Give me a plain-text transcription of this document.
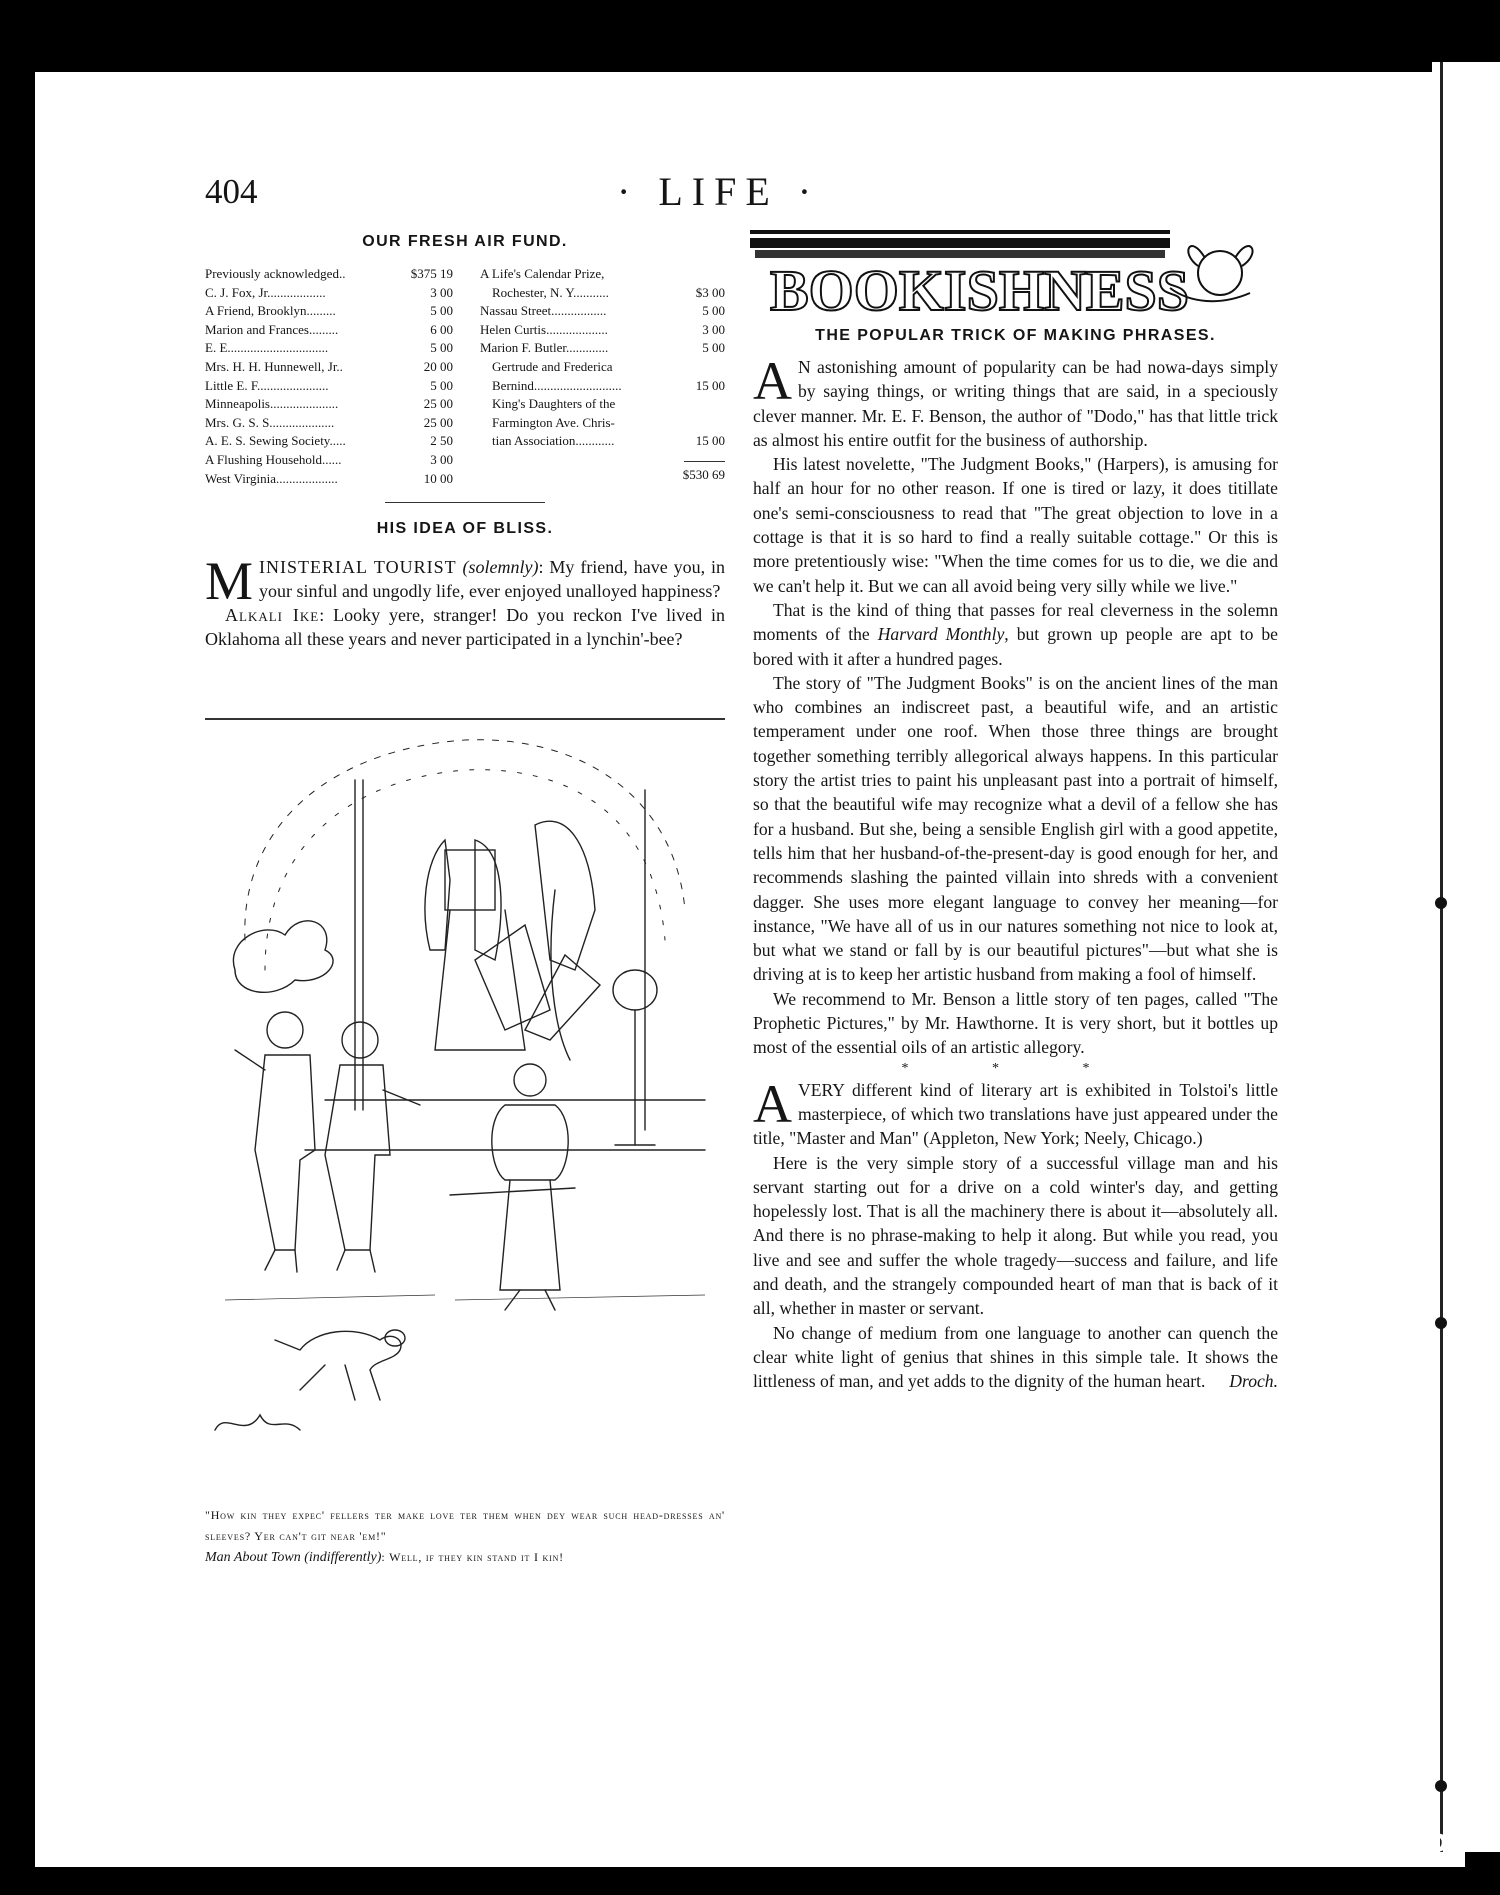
404	· LIFE ·
OUR FRESH AIR FUND.
Previously acknowledged..	$375 19
C. J. Fox, Jr..................	3 00
A Friend, Brooklyn.........	5 00
Marion and Frances.........	6 00
E. E...............................	5 00
Mrs. H. H. Hunnewell, Jr..	20 00
Little E. F......................	5 00
Minneapolis.....................	25 00
Mrs. G. S. S....................	25 00
A. E. S. Sewing Society.....	2 50
A Flushing Household......	3 00
West Virginia...................	10 00
A Life's Calendar Prize,
Rochester, N. Y...........	$3 00
Nassau Street.................	5 00
Helen Curtis...................	3 00
Marion F. Butler.............	5 00
Gertrude and Frederica
Bernind...........................	15 00
King's Daughters of the
Farmington Ave. Chris-
tian Association............	15 00
$530 69
HIS IDEA OF BLISS.
MINISTERIAL TOURIST (solemnly): My friend, have you, in your sinful and ungodly life, ever enjoyed unalloyed happiness?
Alkali Ike: Looky yere, stranger! Do you reckon I've lived in Oklahoma all these years and never participated in a lynchin'-bee?
"How kin they expec' fellers ter make love ter them when dey wear such head-dresses an' sleeves? Yer can't git near 'em!"
Man About Town (indifferently): Well, if they kin stand it I kin!
BOOKISHNESS
THE POPULAR TRICK OF MAKING PHRASES.

A N astonishing amount of popularity can be had nowa-days simply by saying things, or writing things that are said, in a speciously clever manner. Mr. E. F. Benson, the author of "Dodo," has that little trick as almost his entire outfit for the business of authorship.

His latest novelette, "The Judgment Books," (Harpers), is amusing for half an hour for no other reason. If one is tired or lazy, it does titillate one's semi-consciousness to read that "The great objection to love in a cottage is that it is so hard to find a really suitable cottage." Or this is more pretentiously wise: "When the time comes for us to die, we die and we can't help it. But we can all avoid being very silly while we live."

That is the kind of thing that passes for real cleverness in the solemn moments of the Harvard Monthly, but grown up people are apt to be bored with it after a hundred pages.

The story of "The Judgment Books" is on the ancient lines of the man who combines an indiscreet past, a beautiful wife, and an artistic temperament under one roof. When those three things are brought together something terribly allegorical always happens. In this particular story the artist tries to paint his unpleasant past into a portrait of himself, so that the beautiful wife may recognize what a devil of a fellow she has for a husband. But she, being a sensible English girl with a good appetite, tells him that her husband-of-the-present-day is good enough for her, and recommends slashing the painted villain into shreds with a convenient dagger. She uses more elegant language to convey her meaning—for instance, "We have all of us in our natures something not nice to look at, but what we stand or fall by is our beautiful pictures"—but what she is driving at is to keep her artistic husband from making a fool of himself.

We recommend to Mr. Benson a little story of ten pages, called "The Prophetic Pictures," by Mr. Hawthorne. It is very short, but it bottles up most of the essential oils of an artistic allegory.

* * *

AVERY different kind of literary art is exhibited in Tolstoi's little masterpiece, of which two translations have just appeared under the title, "Master and Man" (Appleton, New York; Neely, Chicago.)

Here is the very simple story of a successful village man and his servant starting out for a drive on a cold winter's day, and getting hopelessly lost. That is all the machinery there is about it—absolutely all. And there is no phrase-making to help it along. But while you read, you live and see and suffer the whole tragedy—success and failure, and life and death, and the strangely compounded heart of man that is back of it all, whether in master or servant.

No change of medium from one language to another can quench the clear white light of genius that shines in this simple tale. It shows the littleness of man, and yet adds to the dignity of the human heart.	Droch.
comicbooks.com
